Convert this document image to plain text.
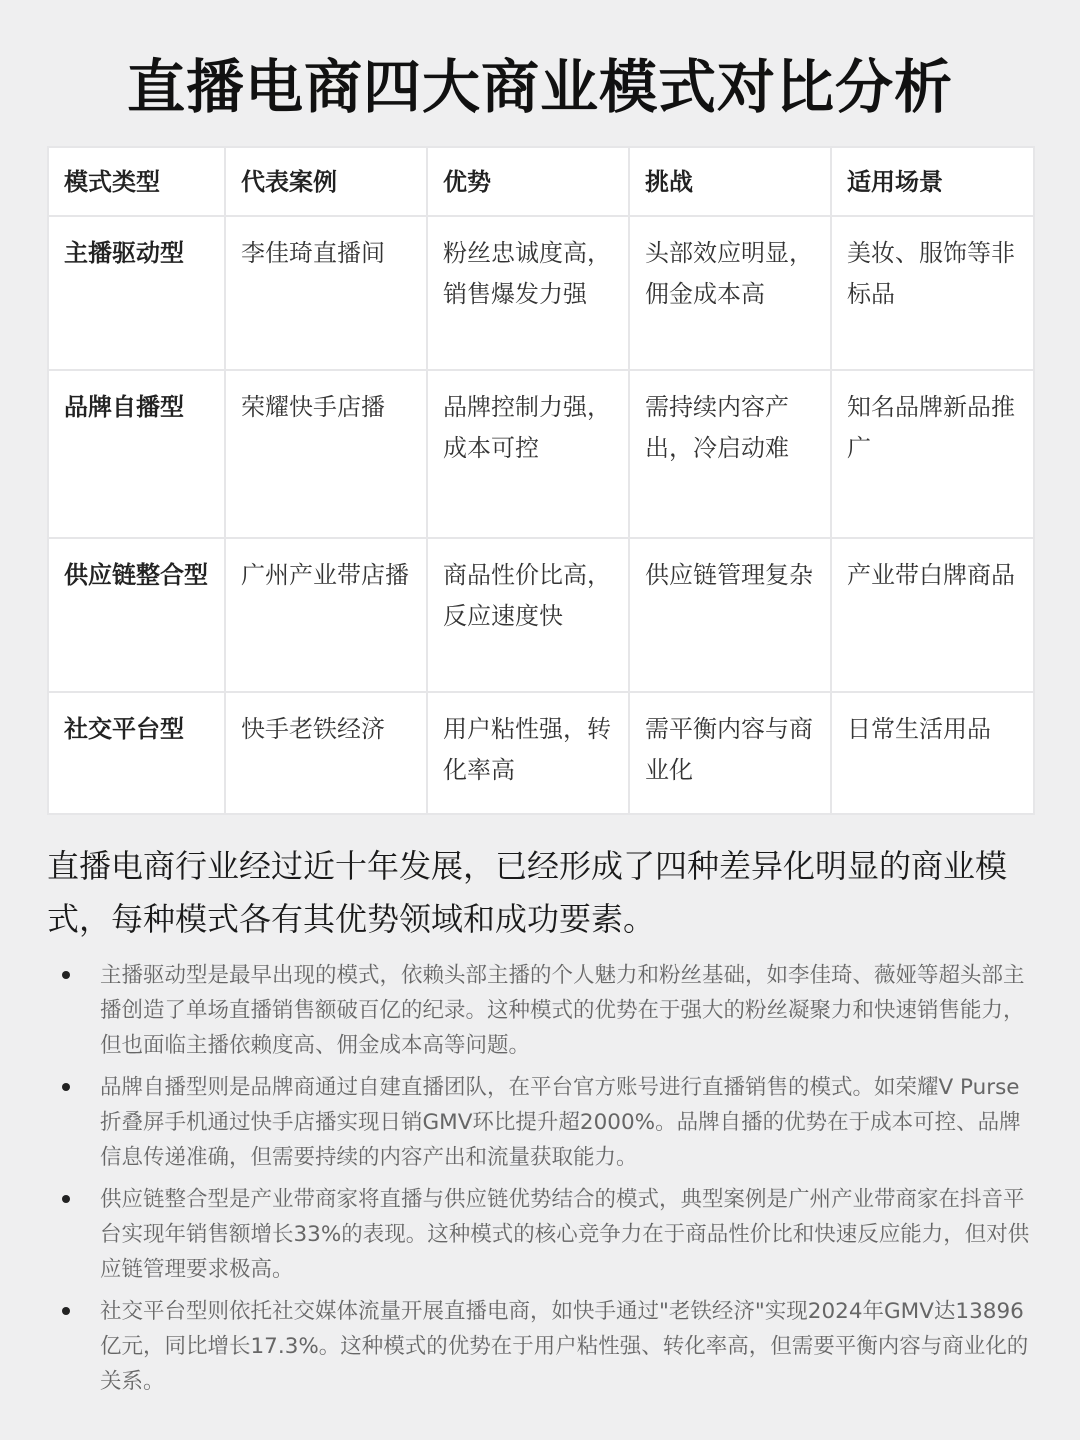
直播电商四大商业模式对比分析
模式类型	代表案例	优势	挑战	适用场景
主播驱动型	李佳琦直播间	粉丝忠诚度高，销售爆发力强	头部效应明显，佣金成本高	美妆、服饰等非标品
品牌自播型	荣耀快手店播	品牌控制力强，成本可控	需持续内容产出，冷启动难	知名品牌新品推广
供应链整合型	广州产业带店播	商品性价比高，反应速度快	供应链管理复杂	产业带白牌商品
社交平台型	快手老铁经济	用户粘性强，转化率高	需平衡内容与商业化	日常生活用品
直播电商行业经过近十年发展，已经形成了四种差异化明显的商业模式，每种模式各有其优势领域和成功要素。
主播驱动型是最早出现的模式，依赖头部主播的个人魅力和粉丝基础，如李佳琦、薇娅等超头部主播创造了单场直播销售额破百亿的纪录。这种模式的优势在于强大的粉丝凝聚力和快速销售能力，但也面临主播依赖度高、佣金成本高等问题。
品牌自播型则是品牌商通过自建直播团队，在平台官方账号进行直播销售的模式。如荣耀V Purse折叠屏手机通过快手店播实现日销GMV环比提升超2000%。品牌自播的优势在于成本可控、品牌信息传递准确，但需要持续的内容产出和流量获取能力。
供应链整合型是产业带商家将直播与供应链优势结合的模式，典型案例是广州产业带商家在抖音平台实现年销售额增长33%的表现。这种模式的核心竞争力在于商品性价比和快速反应能力，但对供应链管理要求极高。
社交平台型则依托社交媒体流量开展直播电商，如快手通过"老铁经济"实现2024年GMV达13896亿元，同比增长17.3%。这种模式的优势在于用户粘性强、转化率高，但需要平衡内容与商业化的关系。
